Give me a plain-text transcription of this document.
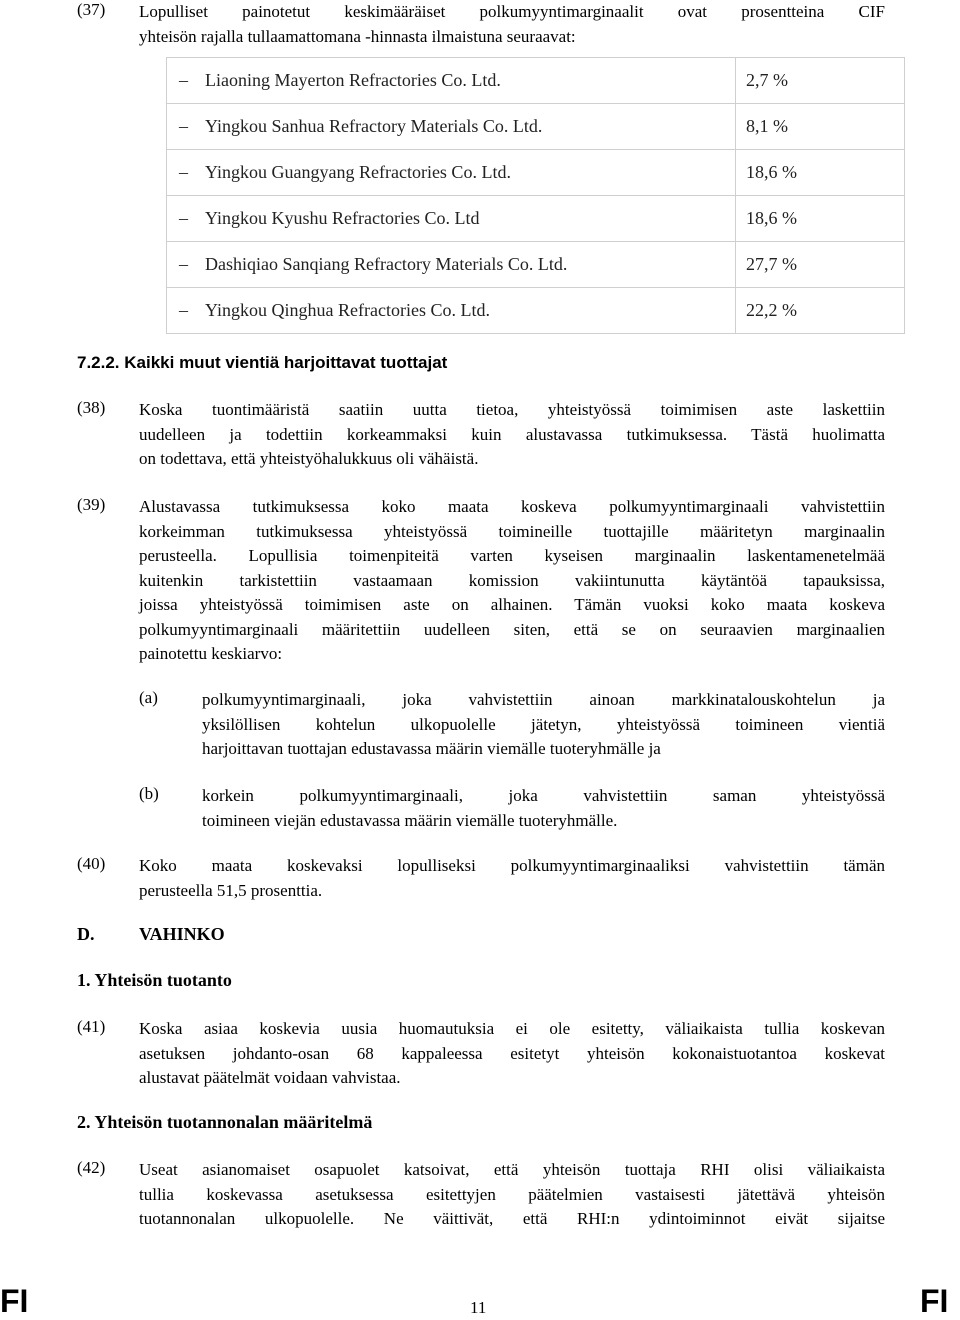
(37) Lopulliset painotetut keskimääräiset polkumyyntimarginaalit ovat prosentteina CIF
yhteisön rajalla tullaamattomana -hinnasta ilmaistuna seuraavat:
– Liaoning Mayerton Refractories Co. Ltd.	2,7 %
– Yingkou Sanhua Refractory Materials Co. Ltd.	8,1 %
– Yingkou Guangyang Refractories Co. Ltd.	18,6 %
– Yingkou Kyushu Refractories Co. Ltd	18,6 %
– Dashiqiao Sanqiang Refractory Materials Co. Ltd.	27,7 %
– Yingkou Qinghua Refractories Co. Ltd.	22,2 %
7.2.2. Kaikki muut vientiä harjoittavat tuottajat
(38) Koska tuontimääristä saatiin uutta tietoa, yhteistyössä toimimisen aste laskettiin
uudelleen ja todettiin korkeammaksi kuin alustavassa tutkimuksessa. Tästä huolimatta
on todettava, että yhteistyöhalukkuus oli vähäistä.
(39) Alustavassa tutkimuksessa koko maata koskeva polkumyyntimarginaali vahvistettiin
korkeimman tutkimuksessa yhteistyössä toimineille tuottajille määritetyn marginaalin
perusteella. Lopullisia toimenpiteitä varten kyseisen marginaalin laskentamenetelmää
kuitenkin tarkistettiin vastaamaan komission vakiintunutta käytäntöä tapauksissa,
joissa yhteistyössä toimimisen aste on alhainen. Tämän vuoksi koko maata koskeva
polkumyyntimarginaali määritettiin uudelleen siten, että se on seuraavien marginaalien
painotettu keskiarvo:
(a)	polkumyyntimarginaali, joka vahvistettiin ainoan markkinatalouskohtelun ja
yksilöllisen kohtelun ulkopuolelle jätetyn, yhteistyössä toimineen vientiä
harjoittavan tuottajan edustavassa määrin viemälle tuoteryhmälle ja
(b)	korkein polkumyyntimarginaali, joka vahvistettiin saman yhteistyössä
toimineen viejän edustavassa määrin viemälle tuoteryhmälle.
(40) Koko maata koskevaksi lopulliseksi polkumyyntimarginaaliksi vahvistettiin tämän
perusteella 51,5 prosenttia.
D. VAHINKO
1. Yhteisön tuotanto
(41) Koska asiaa koskevia uusia huomautuksia ei ole esitetty, väliaikaista tullia koskevan
asetuksen johdanto-osan 68 kappaleessa esitetyt yhteisön kokonaistuotantoa koskevat
alustavat päätelmät voidaan vahvistaa.
2. Yhteisön tuotannonalan määritelmä
(42) Useat asianomaiset osapuolet katsoivat, että yhteisön tuottaja RHI olisi väliaikaista
tullia koskevassa asetuksessa esitettyjen päätelmien vastaisesti jätettävä yhteisön
tuotannonalan ulkopuolelle. Ne väittivät, että RHI:n ydintoiminnot eivät sijaitse
FI	11	FI
